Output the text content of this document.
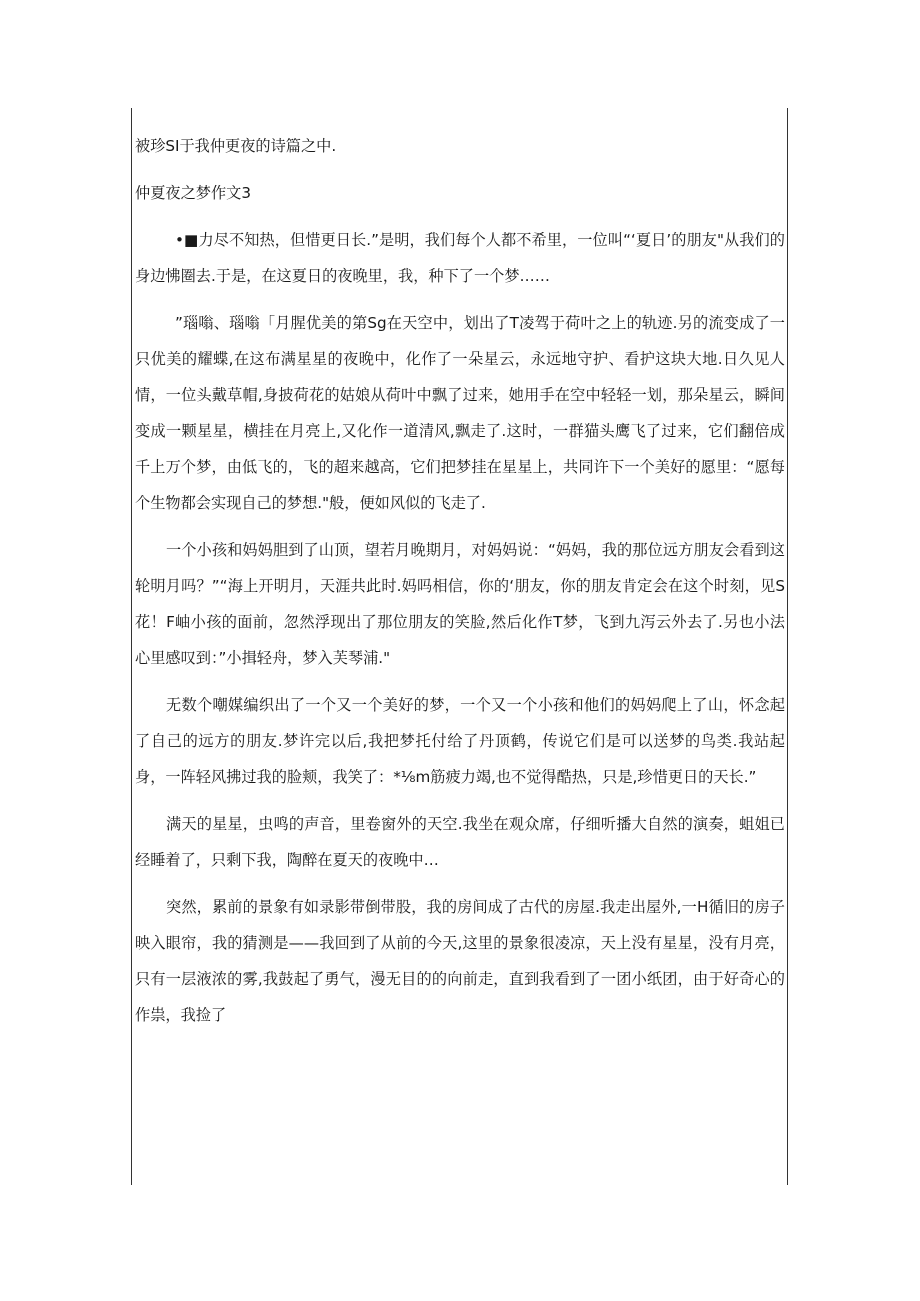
被珍SI于我仲更夜的诗篇之中.

仲夏夜之梦作文3

•■力尽不知热，但惜更日长.”是明，我们每个人都不希里，一位叫“‘夏日’的朋友"从我们的身边怫圈去.于是，在这夏日的夜晚里，我，种下了一个梦……

”瑙嗡、瑙嗡「月腥优美的第Sg在天空中，划出了T凌驾于荷叶之上的轨迹.另的流变成了一只优美的耀蝶,在这布满星星的夜晚中，化作了一朵星云，永远地守护、看护这块大地.日久见人情，一位头戴草帽,身披荷花的姑娘从荷叶中飘了过来，她用手在空中轻轻一划，那朵星云，瞬间变成一颗星星，横挂在月亮上,又化作一道清风,飘走了.这时，一群猫头鹰飞了过来，它们翻倍成千上万个梦，由低飞的，飞的超来越高，它们把梦挂在星星上，共同许下一个美好的愿里：“愿每个生物都会实现自己的梦想."般，便如风似的飞走了.

一个小孩和妈妈胆到了山顶，望若月晚期月，对妈妈说：“妈妈，我的那位远方朋友会看到这轮明月吗？”“海上开明月，天涯共此时.妈吗相信，你的‘朋友，你的朋友肯定会在这个时刻，见S花！F岫小孩的面前，忽然浮现出了那位朋友的笑脸,然后化作T梦，飞到九泻云外去了.另也小法心里感叹到：”小揖轻舟，梦入芙琴浦."

无数个嘲媒编织出了一个又一个美好的梦，一个又一个小孩和他们的妈妈爬上了山，怀念起了自己的远方的朋友.梦许完以后,我把梦托付给了丹顶鹤，传说它们是可以送梦的鸟类.我站起身，一阵轻风拂过我的脸颊，我笑了：*⅛m筋疲力竭,也不觉得酷热，只是,珍惜更日的天长.”

满天的星星，虫鸣的声音，里卷窗外的天空.我坐在观众席，仔细听播大自然的演奏，蛆姐已经睡着了，只剩下我，陶醉在夏天的夜晚中…

突然，累前的景象有如录影带倒带股，我的房间成了古代的房屋.我走出屋外,一H循旧的房子映入眼帘，我的猜测是——我回到了从前的今天,这里的景象很凌凉，天上没有星星，没有月亮，只有一层液浓的雾,我鼓起了勇气，漫无目的的向前走，直到我看到了一团小纸团，由于好奇心的作祟，我捡了
